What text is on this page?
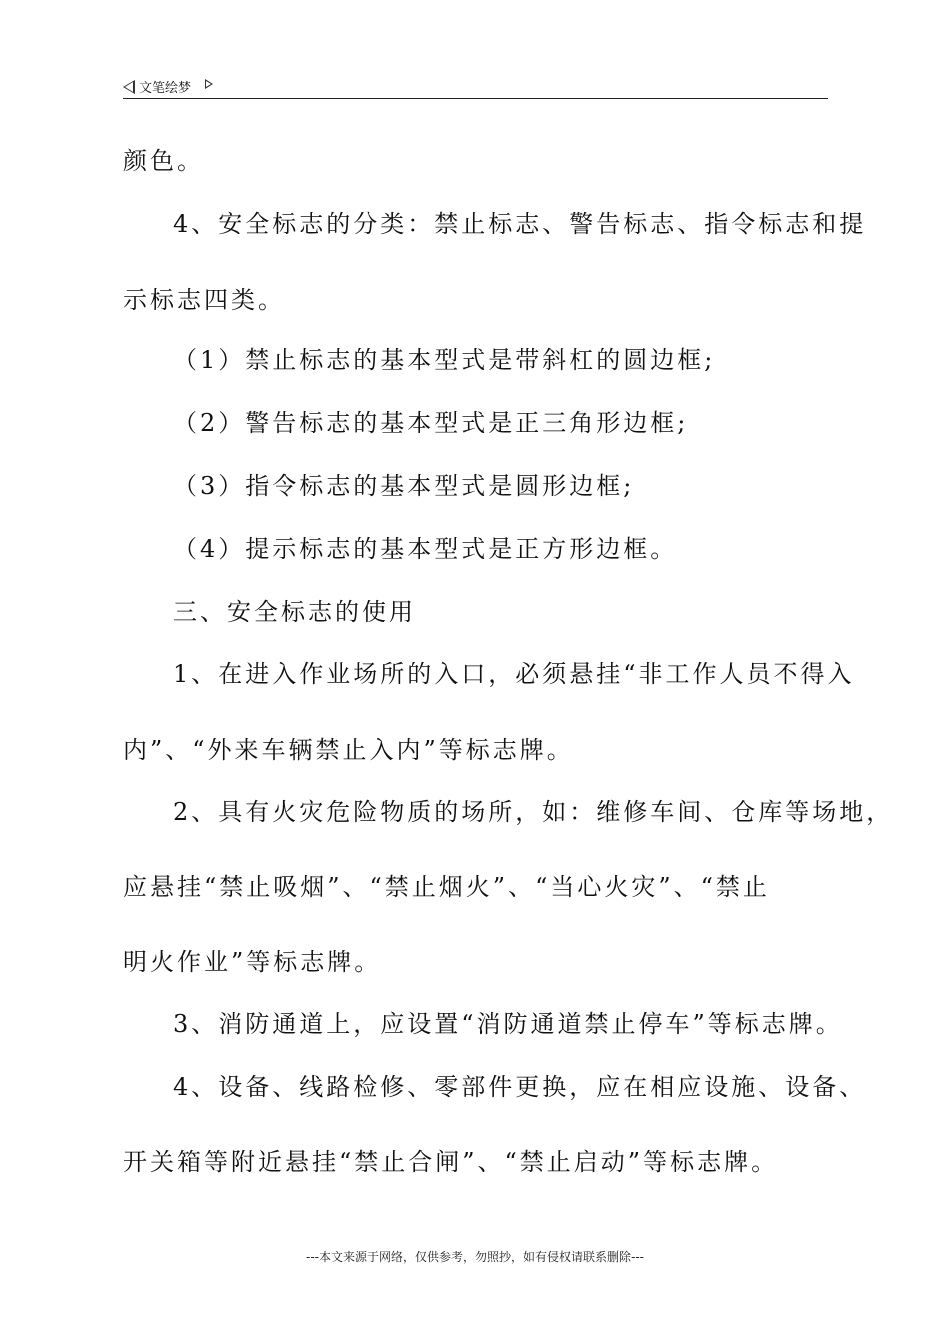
文笔绘梦
颜色。
4、安全标志的分类：禁止标志、警告标志、指令标志和提
示标志四类。
（1）禁止标志的基本型式是带斜杠的圆边框;
（2）警告标志的基本型式是正三角形边框;
（3）指令标志的基本型式是圆形边框;
（4）提示标志的基本型式是正方形边框。
三、安全标志的使用
1、在进入作业场所的入口，必须悬挂“非工作人员不得入
内”、“外来车辆禁止入内”等标志牌。
2、具有火灾危险物质的场所，如：维修车间、仓库等场地，
应悬挂“禁止吸烟”、“禁止烟火”、“当心火灾”、“禁止
明火作业”等标志牌。
3、消防通道上，应设置“消防通道禁止停车”等标志牌。
4、设备、线路检修、零部件更换，应在相应设施、设备、
开关箱等附近悬挂“禁止合闸”、“禁止启动”等标志牌。
---本文来源于网络，仅供参考，勿照抄，如有侵权请联系删除---
